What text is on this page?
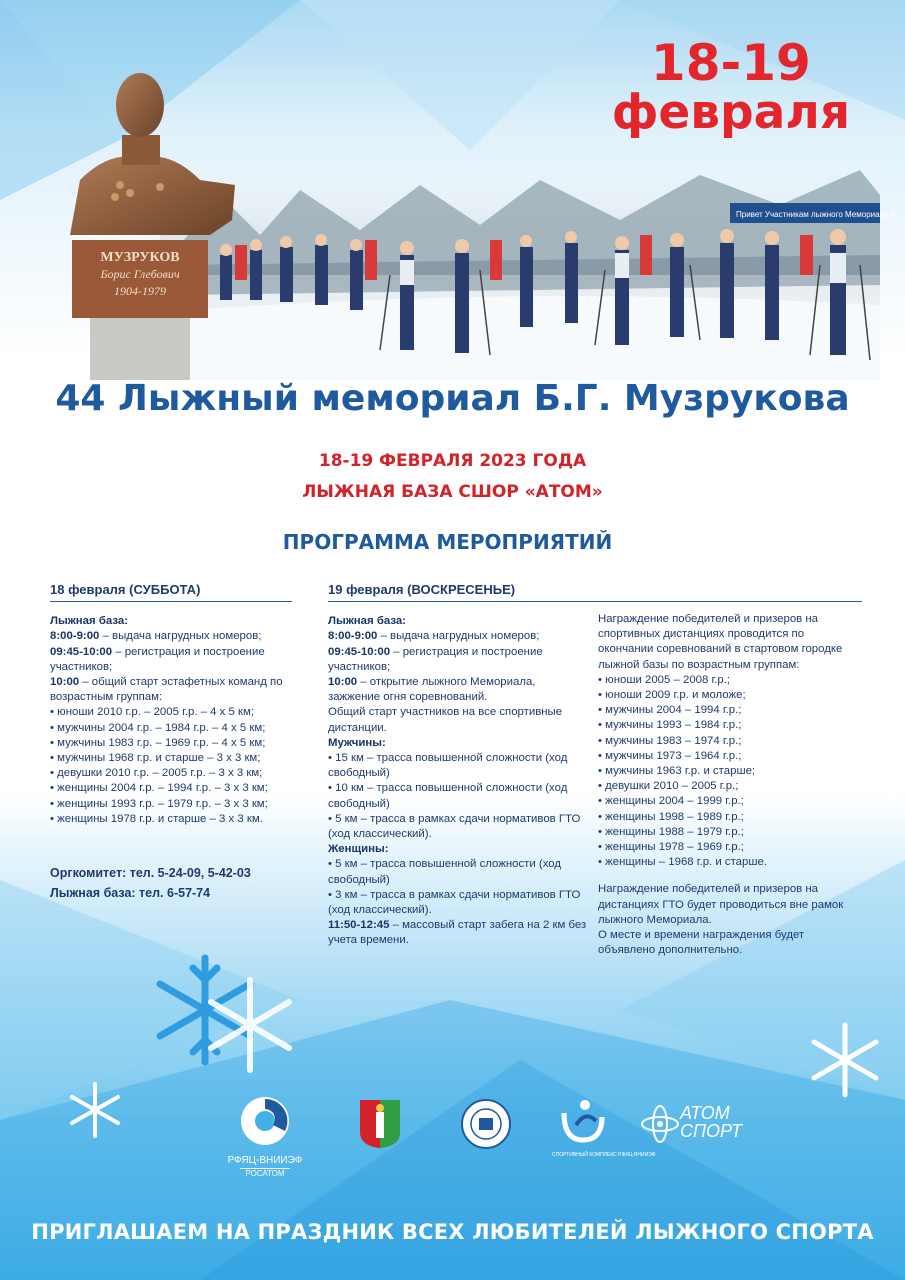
18-19
февраля
Привет Участникам лыжного Мемориала Б
МУЗРУКОВ
Борис Глебович
1904-1979
44 Лыжный мемориал Б.Г. Музрукова
18-19 ФЕВРАЛЯ 2023 ГОДА
ЛЫЖНАЯ БАЗА СШОР «АТОМ»
ПРОГРАММА МЕРОПРИЯТИЙ
18 февраля (СУББОТА)
Лыжная база:
8:00-9:00 – выдача нагрудных номеров;
09:45-10:00 – регистрация и построение участников;
10:00 – общий старт эстафетных команд по возрастным группам:
• юноши 2010 г.р. – 2005 г.р. – 4 х 5 км;
• мужчины 2004 г.р. – 1984 г.р. – 4 х 5 км;
• мужчины 1983 г.р. – 1969 г.р. – 4 х 5 км;
• мужчины 1968 г.р. и старше – 3 х 3 км;
• девушки 2010 г.р. – 2005 г.р. – 3 х 3 км;
• женщины 2004 г.р. – 1994 г.р. – 3 х 3 км;
• женщины 1993 г.р. – 1979 г.р. – 3 х 3 км;
• женщины 1978 г.р. и старше – 3 х 3 км.
Оргкомитет: тел. 5-24-09, 5-42-03
Лыжная база: тел. 6-57-74
19 февраля (ВОСКРЕСЕНЬЕ)
Лыжная база:
8:00-9:00 – выдача нагрудных номеров;
09:45-10:00 – регистрация и построение участников;
10:00 – открытие лыжного Мемориала, зажжение огня соревнований.
Общий старт участников на все спортивные дистанции.
Мужчины:
• 15 км – трасса повышенной сложности (ход свободный)
• 10 км – трасса повышенной сложности (ход свободный)
• 5 км – трасса в рамках сдачи нормативов ГТО (ход классический).
Женщины:
• 5 км – трасса повышенной сложности (ход свободный)
• 3 км – трасса в рамках сдачи нормативов ГТО (ход классический).
11:50-12:45 – массовый старт забега на 2 км без учета времени.
Награждение победителей и призеров на спортивных дистанциях проводится по окончании соревнований в стартовом городке лыжной базы по возрастным группам:
• юноши 2005 – 2008 г.р.;
• юноши 2009 г.р. и моложе;
• мужчины 2004 – 1994 г.р.;
• мужчины 1993 – 1984 г.р.;
• мужчины 1983 – 1974 г.р.;
• мужчины 1973 – 1964 г.р.;
• мужчины 1963 г.р. и старше;
• девушки 2010 – 2005 г.р.;
• женщины 2004 – 1999 г.р.;
• женщины 1998 – 1989 г.р.;
• женщины 1988 – 1979 г.р.;
• женщины 1978 – 1969 г.р.;
• женщины – 1968 г.р. и старше.
Награждение победителей и призеров на дистанциях ГТО будет проводиться вне рамок лыжного Мемориала.
О месте и времени награждения будет объявлено дополнительно.
РФЯЦ-ВНИИЭФ
РОСАТОМ
СПОРТИВНЫЙ КОМПЛЕКС РФЯЦ-ВНИИЭФ
АТОМ
СПОРТ
ПРИГЛАШАЕМ НА ПРАЗДНИК ВСЕХ ЛЮБИТЕЛЕЙ ЛЫЖНОГО СПОРТА
